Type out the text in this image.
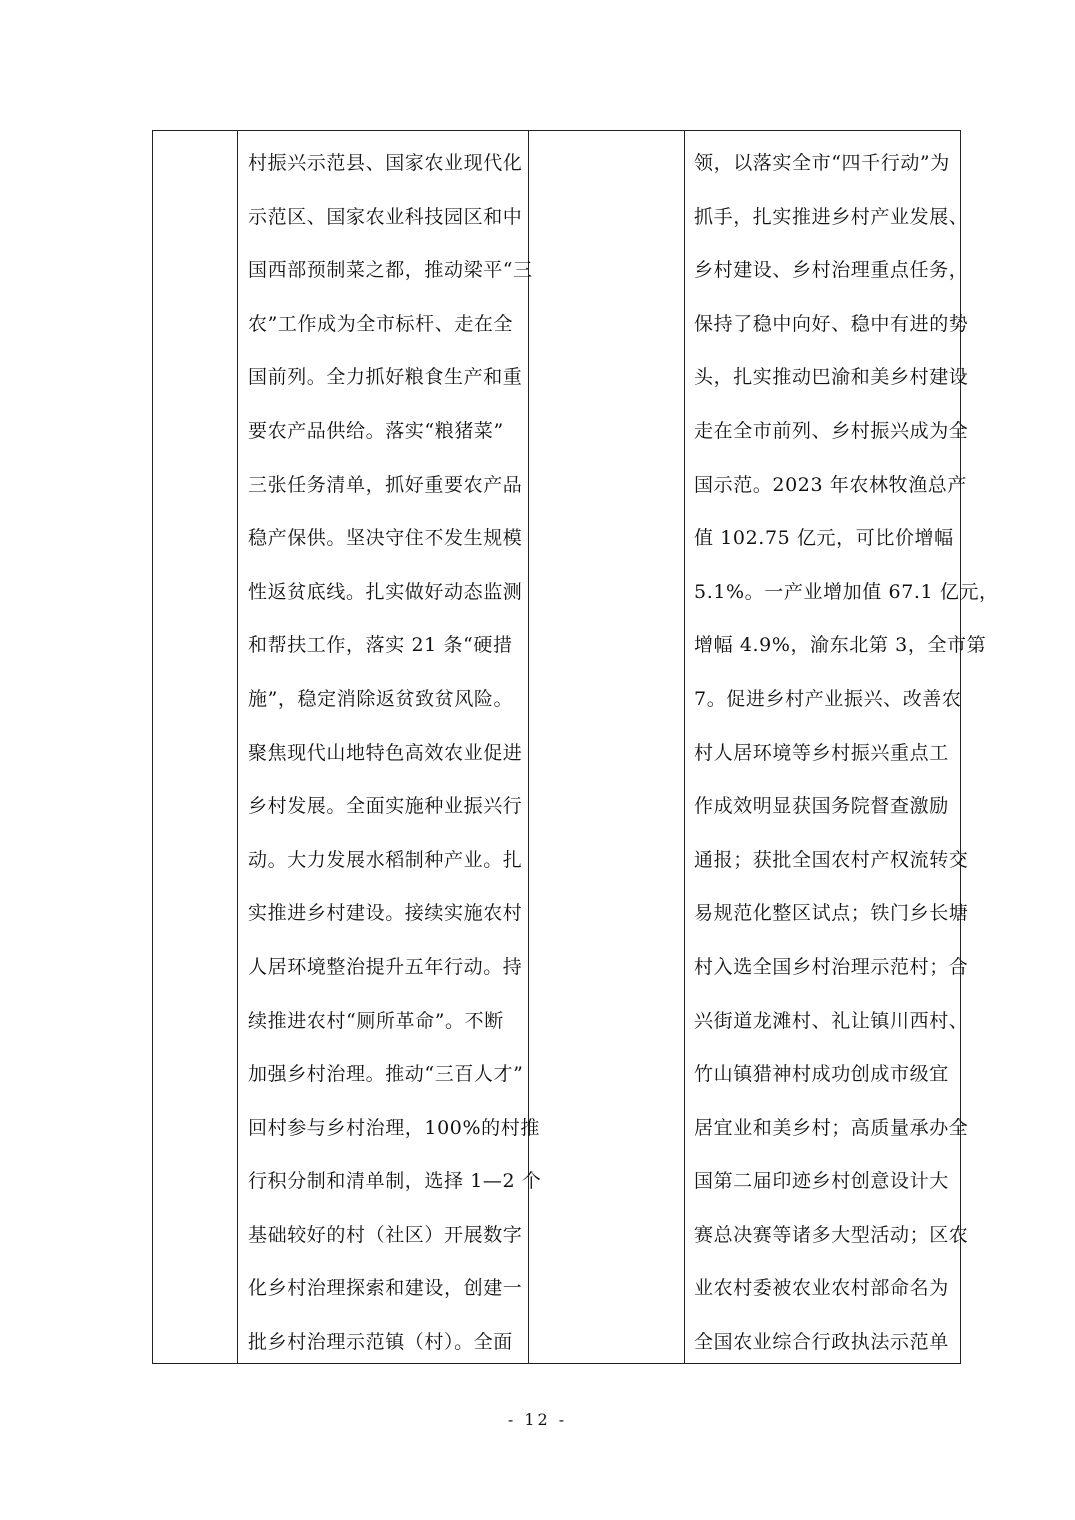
村振兴示范县、国家农业现代化
示范区、国家农业科技园区和中
国西部预制菜之都，推动梁平“三
农”工作成为全市标杆、走在全
国前列。全力抓好粮食生产和重
要农产品供给。落实“粮猪菜”
三张任务清单，抓好重要农产品
稳产保供。坚决守住不发生规模
性返贫底线。扎实做好动态监测
和帮扶工作，落实 21 条“硬措
施”，稳定消除返贫致贫风险。
聚焦现代山地特色高效农业促进
乡村发展。全面实施种业振兴行
动。大力发展水稻制种产业。扎
实推进乡村建设。接续实施农村
人居环境整治提升五年行动。持
续推进农村“厕所革命”。不断
加强乡村治理。推动“三百人才”
回村参与乡村治理，100%的村推
行积分制和清单制，选择 1—2 个
基础较好的村（社区）开展数字
化乡村治理探索和建设，创建一
批乡村治理示范镇（村）。全面
领，以落实全市“四千行动”为
抓手，扎实推进乡村产业发展、
乡村建设、乡村治理重点任务，
保持了稳中向好、稳中有进的势
头，扎实推动巴渝和美乡村建设
走在全市前列、乡村振兴成为全
国示范。2023 年农林牧渔总产
值 102.75 亿元，可比价增幅
5.1%。一产业增加值 67.1 亿元，
增幅 4.9%，渝东北第 3，全市第
7。促进乡村产业振兴、改善农
村人居环境等乡村振兴重点工
作成效明显获国务院督查激励
通报；获批全国农村产权流转交
易规范化整区试点；铁门乡长塘
村入选全国乡村治理示范村；合
兴街道龙滩村、礼让镇川西村、
竹山镇猎神村成功创成市级宜
居宜业和美乡村；高质量承办全
国第二届印迹乡村创意设计大
赛总决赛等诸多大型活动；区农
业农村委被农业农村部命名为
全国农业综合行政执法示范单
- 12 -
